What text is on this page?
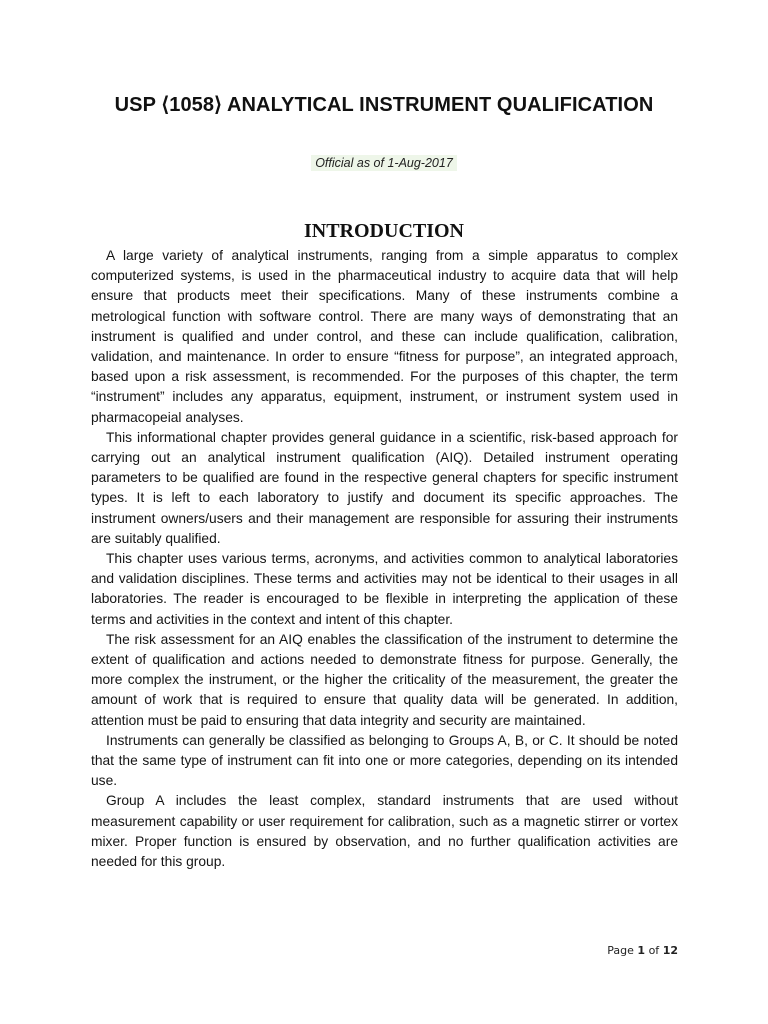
USP ⟨1058⟩ ANALYTICAL INSTRUMENT QUALIFICATION
Official as of 1-Aug-2017
INTRODUCTION

A large variety of analytical instruments, ranging from a simple apparatus to complex computerized systems, is used in the pharmaceutical industry to acquire data that will help ensure that products meet their specifications. Many of these instruments combine a metrological function with software control. There are many ways of demonstrating that an instrument is qualified and under control, and these can include qualification, calibration, validation, and maintenance. In order to ensure “fitness for purpose”, an integrated approach, based upon a risk assessment, is recommended. For the purposes of this chapter, the term “instrument” includes any apparatus, equipment, instrument, or instrument system used in pharmacopeial analyses.

This informational chapter provides general guidance in a scientific, risk-based approach for carrying out an analytical instrument qualification (AIQ). Detailed instrument operating parameters to be qualified are found in the respective general chapters for specific instrument types. It is left to each laboratory to justify and document its specific approaches. The instrument owners/users and their management are responsible for assuring their instruments are suitably qualified.

This chapter uses various terms, acronyms, and activities common to analytical laboratories and validation disciplines. These terms and activities may not be identical to their usages in all laboratories. The reader is encouraged to be flexible in interpreting the application of these terms and activities in the context and intent of this chapter.

The risk assessment for an AIQ enables the classification of the instrument to determine the extent of qualification and actions needed to demonstrate fitness for purpose. Generally, the more complex the instrument, or the higher the criticality of the measurement, the greater the amount of work that is required to ensure that quality data will be generated. In addition, attention must be paid to ensuring that data integrity and security are maintained.

Instruments can generally be classified as belonging to Groups A, B, or C. It should be noted that the same type of instrument can fit into one or more categories, depending on its intended use.

Group A includes the least complex, standard instruments that are used without measurement capability or user requirement for calibration, such as a magnetic stirrer or vortex mixer. Proper function is ensured by observation, and no further qualification activities are needed for this group.

Page 1 of 12
